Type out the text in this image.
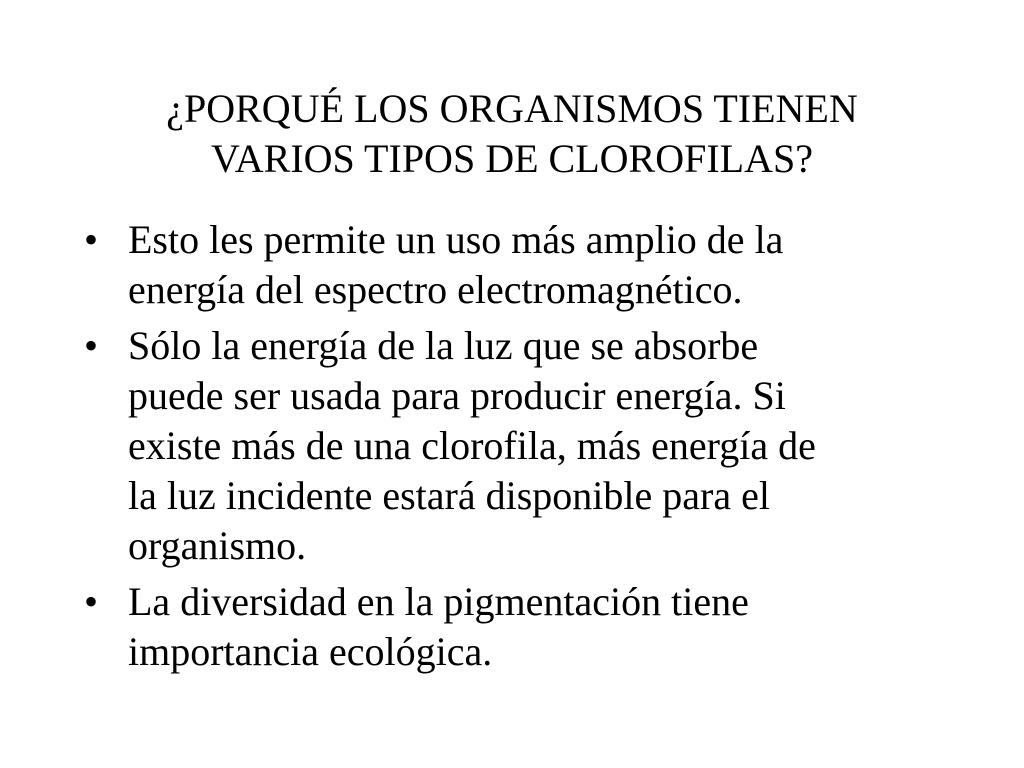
¿PORQUÉ LOS ORGANISMOS TIENEN
VARIOS TIPOS DE CLOROFILAS?
• Esto les permite un uso más amplio de la
energía del espectro electromagnético.
• Sólo la energía de la luz que se absorbe
puede ser usada para producir energía. Si
existe más de una clorofila, más energía de
la luz incidente estará disponible para el
organismo.
• La diversidad en la pigmentación tiene
importancia ecológica.
